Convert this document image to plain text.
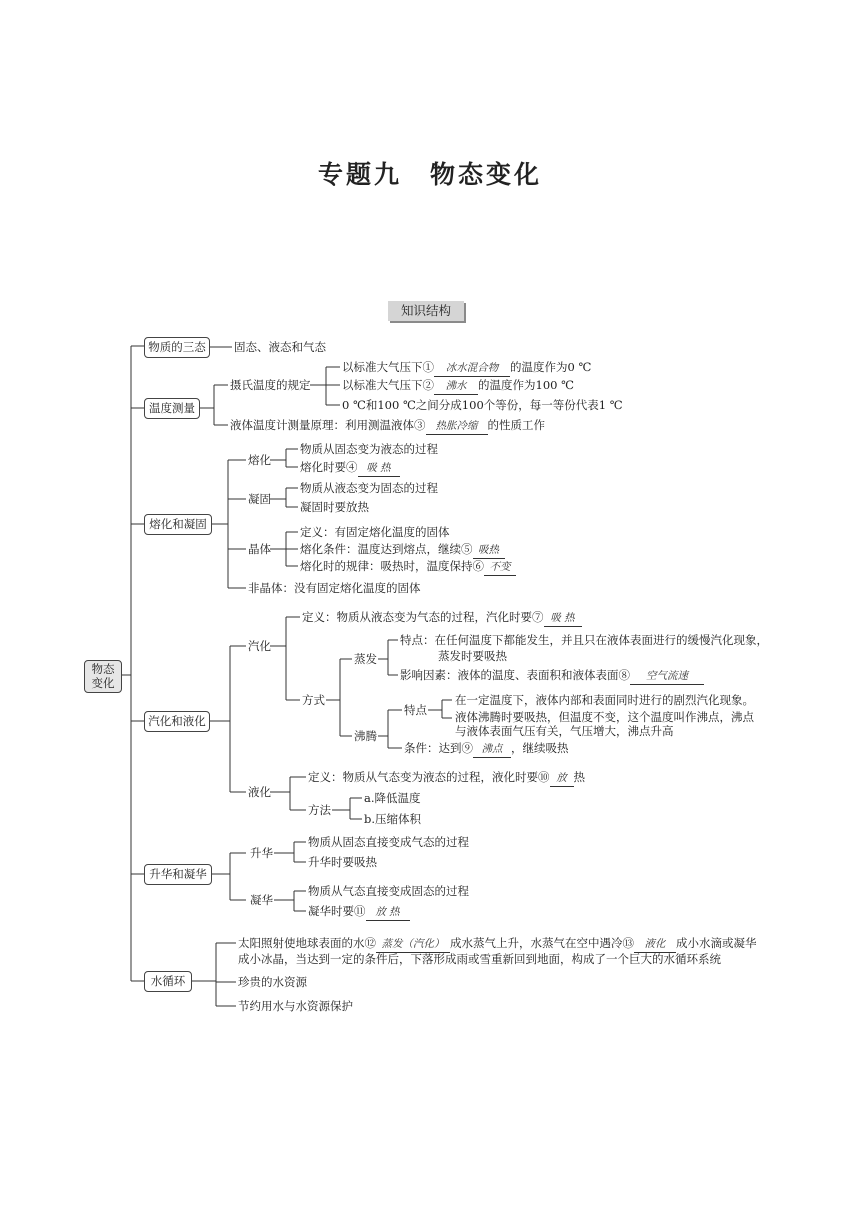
专题九　物态变化
知识结构
物态
变化
物质的三态
温度测量
熔化和凝固
汽化和液化
升华和凝华
水循环
固态、液态和气态
摄氏温度的规定
以标准大气压下① 冰水混合物 的温度作为0 ℃
以标准大气压下② 沸水 的温度作为100 ℃
0 ℃和100 ℃之间分成100个等份，每一等份代表1 ℃
液体温度计测量原理：利用测温液体③ 热胀冷缩 的性质工作
熔化
物质从固态变为液态的过程
熔化时要④ 吸 热
凝固
物质从液态变为固态的过程
凝固时要放热
晶体
定义：有固定熔化温度的固体
熔化条件：温度达到熔点，继续⑤ 吸热
熔化时的规律：吸热时，温度保持⑥ 不变
非晶体：没有固定熔化温度的固体
汽化
定义：物质从液态变为气态的过程，汽化时要⑦ 吸 热
方式
蒸发
特点：在任何温度下都能发生，并且只在液体表面进行的缓慢汽化现象，
蒸发时要吸热
影响因素：液体的温度、表面积和液体表面⑧ 空气流速
沸腾
特点
在一定温度下，液体内部和表面同时进行的剧烈汽化现象。
液体沸腾时要吸热，但温度不变，这个温度叫作沸点，沸点
与液体表面气压有关，气压增大，沸点升高
条件：达到⑨ 沸点 ，继续吸热
液化
定义：物质从气态变为液态的过程，液化时要⑩ 放 热
方法
a.降低温度
b.压缩体积
升华
物质从固态直接变成气态的过程
升华时要吸热
凝华
物质从气态直接变成固态的过程
凝华时要⑪ 放 热
太阳照射使地球表面的水⑫ 蒸发（汽化） 成水蒸气上升，水蒸气在空中遇冷⑬ 液化 成小水滴或凝华
成小冰晶，当达到一定的条件后，下落形成雨或雪重新回到地面，构成了一个巨大的水循环系统
珍贵的水资源
节约用水与水资源保护
